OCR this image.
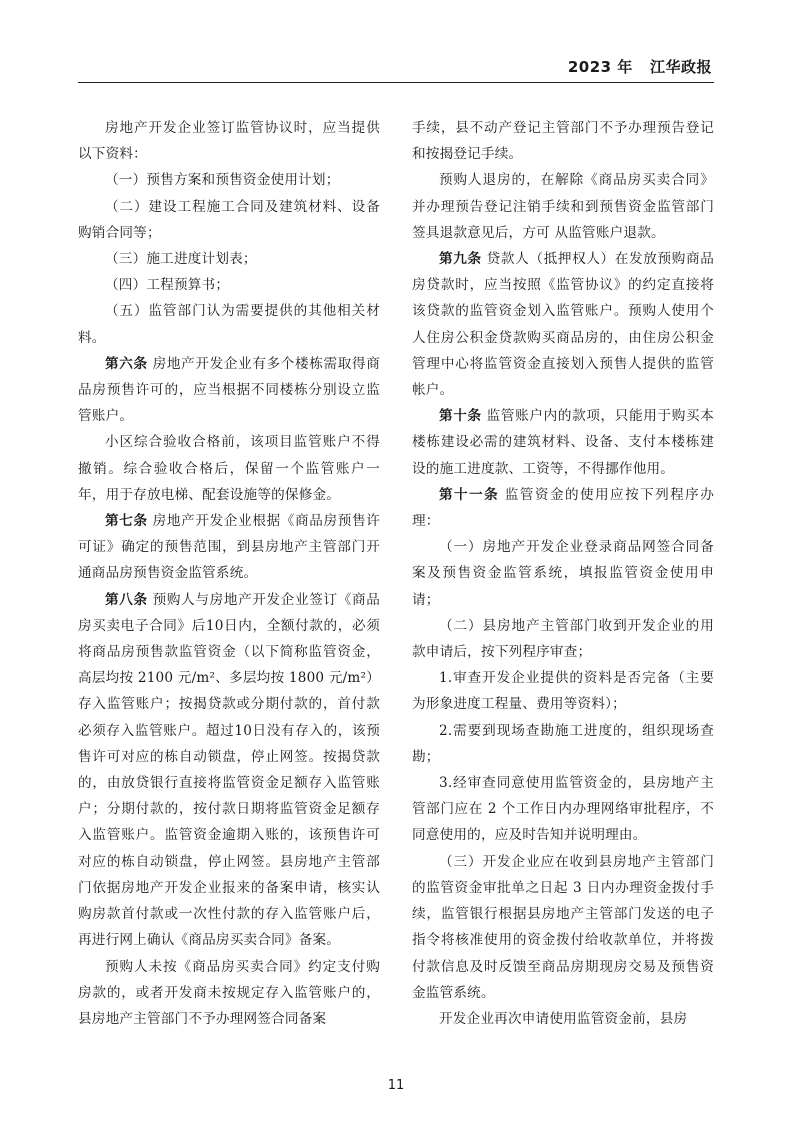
2023 年 江华政报

房地产开发企业签订监管协议时，应当提供以下资料：

（一）预售方案和预售资金使用计划；

（二）建设工程施工合同及建筑材料、设备购销合同等；

（三）施工进度计划表；

（四）工程预算书；

（五）监管部门认为需要提供的其他相关材料。

第六条 房地产开发企业有多个楼栋需取得商品房预售许可的，应当根据不同楼栋分别设立监管账户。

小区综合验收合格前，该项目监管账户不得撤销。综合验收合格后，保留一个监管账户一年，用于存放电梯、配套设施等的保修金。

第七条 房地产开发企业根据《商品房预售许可证》确定的预售范围，到县房地产主管部门开通商品房预售资金监管系统。

第八条 预购人与房地产开发企业签订《商品房买卖电子合同》后10日内，全额付款的，必须将商品房预售款监管资金（以下简称监管资金，高层均按 2100 元/m²、多层均按 1800 元/m²）存入监管账户；按揭贷款或分期付款的，首付款必须存入监管账户。超过10日没有存入的，该预售许可对应的栋自动锁盘，停止网签。按揭贷款的，由放贷银行直接将监管资金足额存入监管账户；分期付款的，按付款日期将监管资金足额存入监管账户。监管资金逾期入账的，该预售许可对应的栋自动锁盘，停止网签。县房地产主管部门依据房地产开发企业报来的备案申请，核实认购房款首付款或一次性付款的存入监管账户后，再进行网上确认《商品房买卖合同》备案。

预购人未按《商品房买卖合同》约定支付购房款的，或者开发商未按规定存入监管账户的，县房地产主管部门不予办理网签合同备案

手续，县不动产登记主管部门不予办理预告登记和按揭登记手续。

预购人退房的，在解除《商品房买卖合同》并办理预告登记注销手续和到预售资金监管部门签具退款意见后，方可 从监管账户退款。

第九条 贷款人（抵押权人）在发放预购商品房贷款时，应当按照《监管协议》的约定直接将该贷款的监管资金划入监管账户。预购人使用个人住房公积金贷款购买商品房的，由住房公积金管理中心将监管资金直接划入预售人提供的监管帐户。

第十条 监管账户内的款项，只能用于购买本楼栋建设必需的建筑材料、设备、支付本楼栋建设的施工进度款、工资等，不得挪作他用。

第十一条 监管资金的使用应按下列程序办理：

（一）房地产开发企业登录商品网签合同备案及预售资金监管系统，填报监管资金使用申请；

（二）县房地产主管部门收到开发企业的用款申请后，按下列程序审查；

1.审查开发企业提供的资料是否完备（主要为形象进度工程量、费用等资料）；

2.需要到现场查勘施工进度的，组织现场查勘；

3.经审查同意使用监管资金的，县房地产主管部门应在 2 个工作日内办理网络审批程序，不同意使用的，应及时告知并说明理由。

（三）开发企业应在收到县房地产主管部门的监管资金审批单之日起 3 日内办理资金拨付手续，监管银行根据县房地产主管部门发送的电子指令将核准使用的资金拨付给收款单位，并将拨付款信息及时反馈至商品房期现房交易及预售资金监管系统。

开发企业再次申请使用监管资金前，县房

11
